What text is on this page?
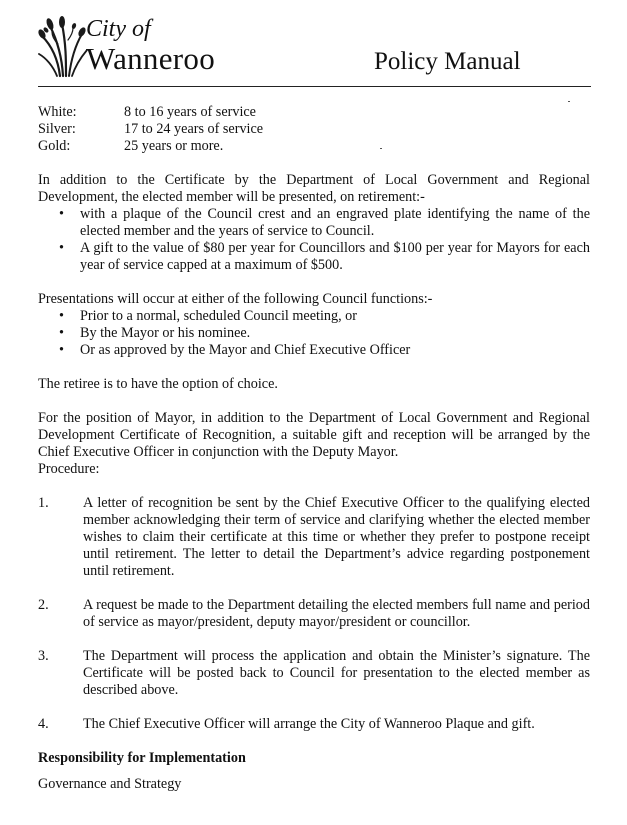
City of
Wanneroo	Policy Manual
White:	8 to 16 years of service
Silver:	17 to 24 years of service
Gold:	25 years or more.

In addition to the Certificate by the Department of Local Government and Regional Development, the elected member will be presented, on retirement:-

• with a plaque of the Council crest and an engraved plate identifying the name of the elected member and the years of service to Council.
• A gift to the value of $80 per year for Councillors and $100 per year for Mayors for each year of service capped at a maximum of $500.

Presentations will occur at either of the following Council functions:-

• Prior to a normal, scheduled Council meeting, or
• By the Mayor or his nominee.
• Or as approved by the Mayor and Chief Executive Officer

The retiree is to have the option of choice.

For the position of Mayor, in addition to the Department of Local Government and Regional Development Certificate of Recognition, a suitable gift and reception will be arranged by the Chief Executive Officer in conjunction with the Deputy Mayor.

Procedure:

1.	A letter of recognition be sent by the Chief Executive Officer to the qualifying elected member acknowledging their term of service and clarifying whether the elected member wishes to claim their certificate at this time or whether they prefer to postpone receipt until retirement. The letter to detail the Department’s advice regarding postponement until retirement.
2.	A request be made to the Department detailing the elected members full name and period of service as mayor/president, deputy mayor/president or councillor.
3.	The Department will process the application and obtain the Minister’s signature. The Certificate will be posted back to Council for presentation to the elected member as described above.
4.	The Chief Executive Officer will arrange the City of Wanneroo Plaque and gift.

Responsibility for Implementation

Governance and Strategy
